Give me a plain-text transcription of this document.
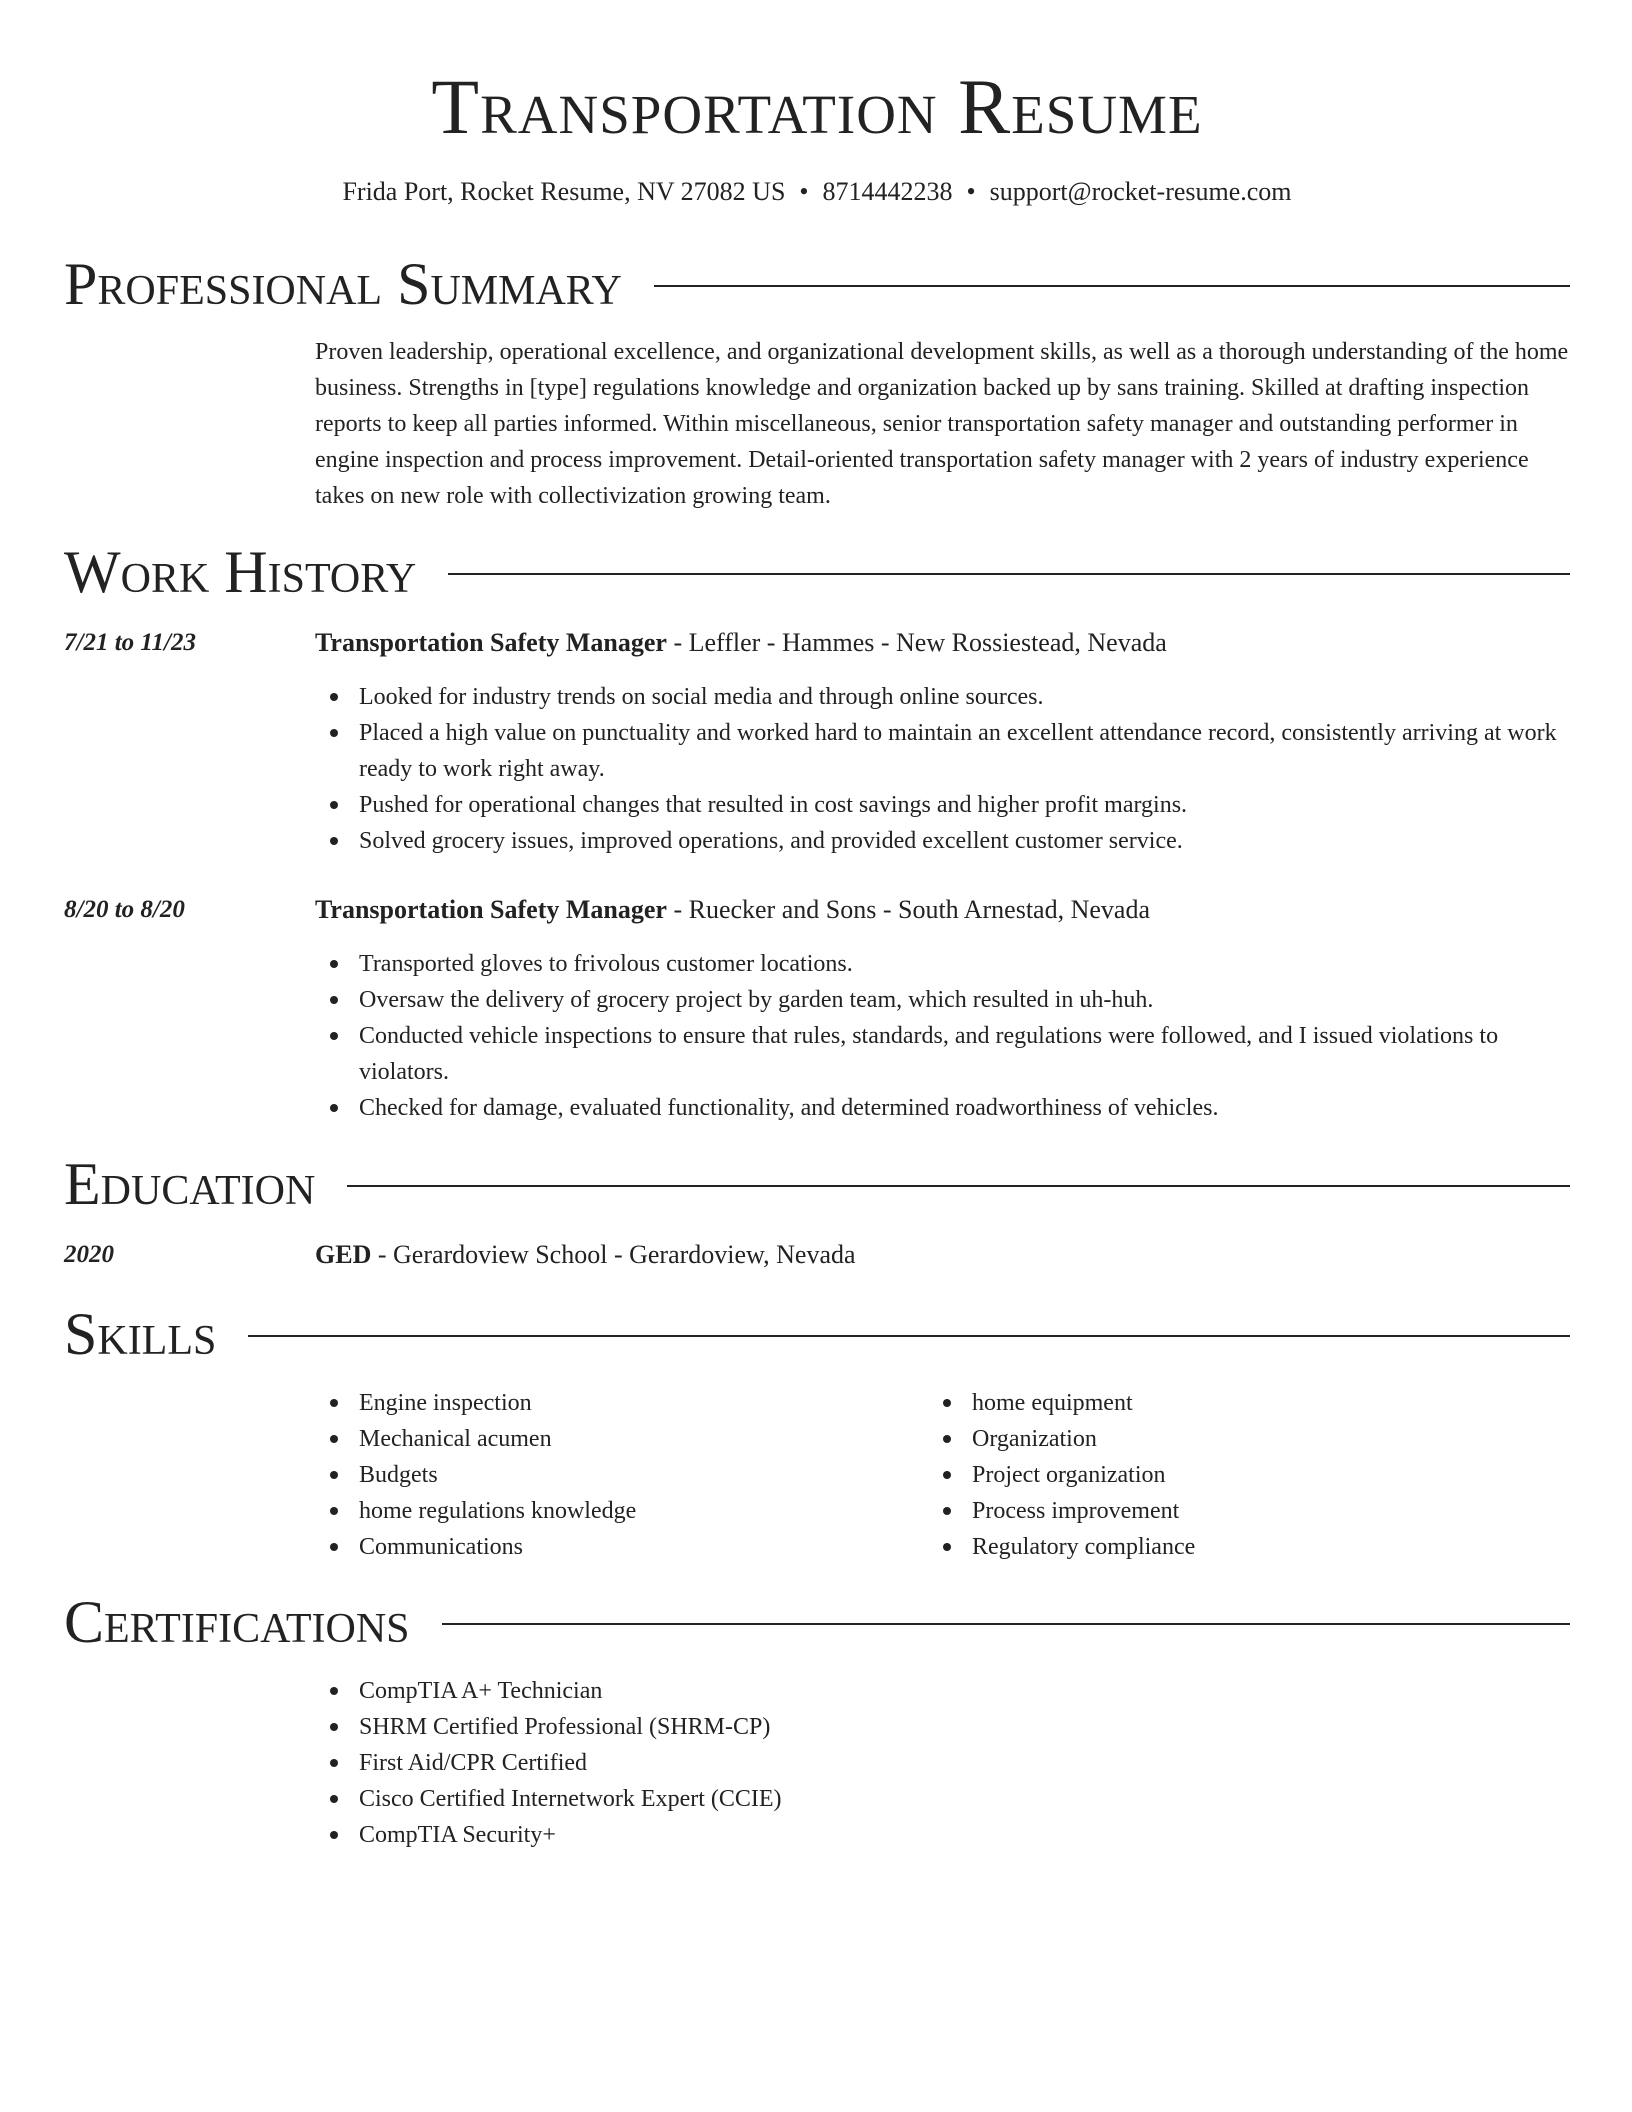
Transportation Resume
Frida Port, Rocket Resume, NV 27082 US • 8714442238 • support@rocket-resume.com
Professional Summary

Proven leadership, operational excellence, and organizational development skills, as well as a thorough understanding of the home business. Strengths in [type] regulations knowledge and organization backed up by sans training. Skilled at drafting inspection reports to keep all parties informed. Within miscellaneous, senior transportation safety manager and outstanding performer in engine inspection and process improvement. Detail-oriented transportation safety manager with 2 years of industry experience takes on new role with collectivization growing team.

Work History
7/21 to 11/23	Transportation Safety Manager - Leffler - Hammes - New Rossiestead, Nevada
Looked for industry trends on social media and through online sources.
Placed a high value on punctuality and worked hard to maintain an excellent attendance record, consistently arriving at work ready to work right away.
Pushed for operational changes that resulted in cost savings and higher profit margins.
Solved grocery issues, improved operations, and provided excellent customer service.
8/20 to 8/20	Transportation Safety Manager - Ruecker and Sons - South Arnestad, Nevada
Transported gloves to frivolous customer locations.
Oversaw the delivery of grocery project by garden team, which resulted in uh-huh.
Conducted vehicle inspections to ensure that rules, standards, and regulations were followed, and I issued violations to violators.
Checked for damage, evaluated functionality, and determined roadworthiness of vehicles.
Education
2020	GED - Gerardoview School - Gerardoview, Nevada
Skills
Engine inspection
Mechanical acumen
Budgets
home regulations knowledge
Communications
home equipment
Organization
Project organization
Process improvement
Regulatory compliance
Certifications
CompTIA A+ Technician
SHRM Certified Professional (SHRM-CP)
First Aid/CPR Certified
Cisco Certified Internetwork Expert (CCIE)
CompTIA Security+
